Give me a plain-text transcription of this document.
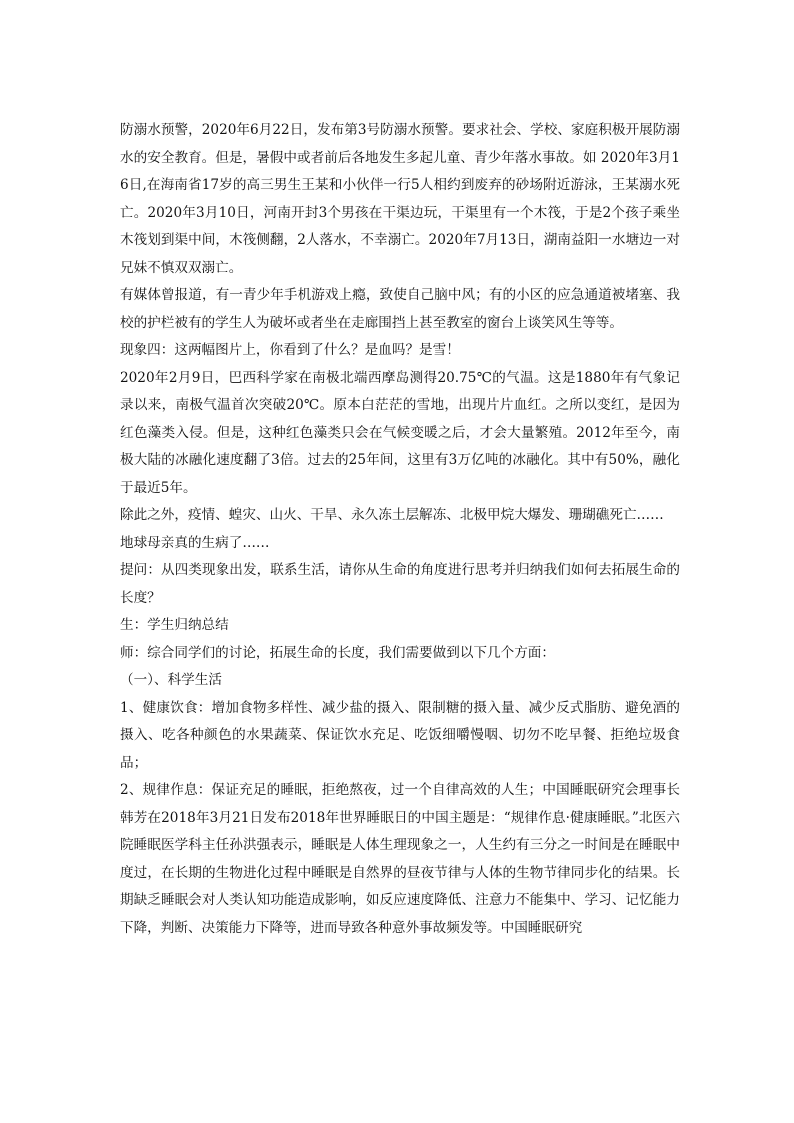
防溺水预警，2020年6月22日，发布第3号防溺水预警。要求社会、学校、家庭积极开展防溺水的安全教育。但是，暑假中或者前后各地发生多起儿童、青少年落水事故。如 2020年3月16日,在海南省17岁的高三男生王某和小伙伴一行5人相约到废弃的砂场附近游泳，王某溺水死亡。2020年3月10日，河南开封3个男孩在干渠边玩，干渠里有一个木筏，于是2个孩子乘坐木筏划到渠中间，木筏侧翻，2人落水，不幸溺亡。2020年7月13日，湖南益阳一水塘边一对兄妹不慎双双溺亡。

有媒体曾报道，有一青少年手机游戏上瘾，致使自己脑中风；有的小区的应急通道被堵塞、我校的护栏被有的学生人为破坏或者坐在走廊围挡上甚至教室的窗台上谈笑风生等等。

现象四：这两幅图片上，你看到了什么？是血吗？是雪！

2020年2月9日，巴西科学家在南极北端西摩岛测得20.75℃的气温。这是1880年有气象记录以来，南极气温首次突破20℃。原本白茫茫的雪地，出现片片血红。之所以变红，是因为红色藻类入侵。但是，这种红色藻类只会在气候变暖之后，才会大量繁殖。2012年至今，南极大陆的冰融化速度翻了3倍。过去的25年间，这里有3万亿吨的冰融化。其中有50%，融化于最近5年。

除此之外，疫情、蝗灾、山火、干旱、永久冻土层解冻、北极甲烷大爆发、珊瑚礁死亡……

地球母亲真的生病了……

提问：从四类现象出发，联系生活，请你从生命的角度进行思考并归纳我们如何去拓展生命的长度？

生：学生归纳总结

师：综合同学们的讨论，拓展生命的长度，我们需要做到以下几个方面：

（一）、科学生活

1、健康饮食：增加食物多样性、减少盐的摄入、限制糖的摄入量、减少反式脂肪、避免酒的摄入、吃各种颜色的水果蔬菜、保证饮水充足、吃饭细嚼慢咽、切勿不吃早餐、拒绝垃圾食品；

2、规律作息：保证充足的睡眠，拒绝熬夜，过一个自律高效的人生；中国睡眠研究会理事长韩芳在2018年3月21日发布2018年世界睡眠日的中国主题是：“规律作息·健康睡眠。”北医六院睡眠医学科主任孙洪强表示，睡眠是人体生理现象之一，人生约有三分之一时间是在睡眠中度过，在长期的生物进化过程中睡眠是自然界的昼夜节律与人体的生物节律同步化的结果。长期缺乏睡眠会对人类认知功能造成影响，如反应速度降低、注意力不能集中、学习、记忆能力下降，判断、决策能力下降等，进而导致各种意外事故频发等。中国睡眠研究
